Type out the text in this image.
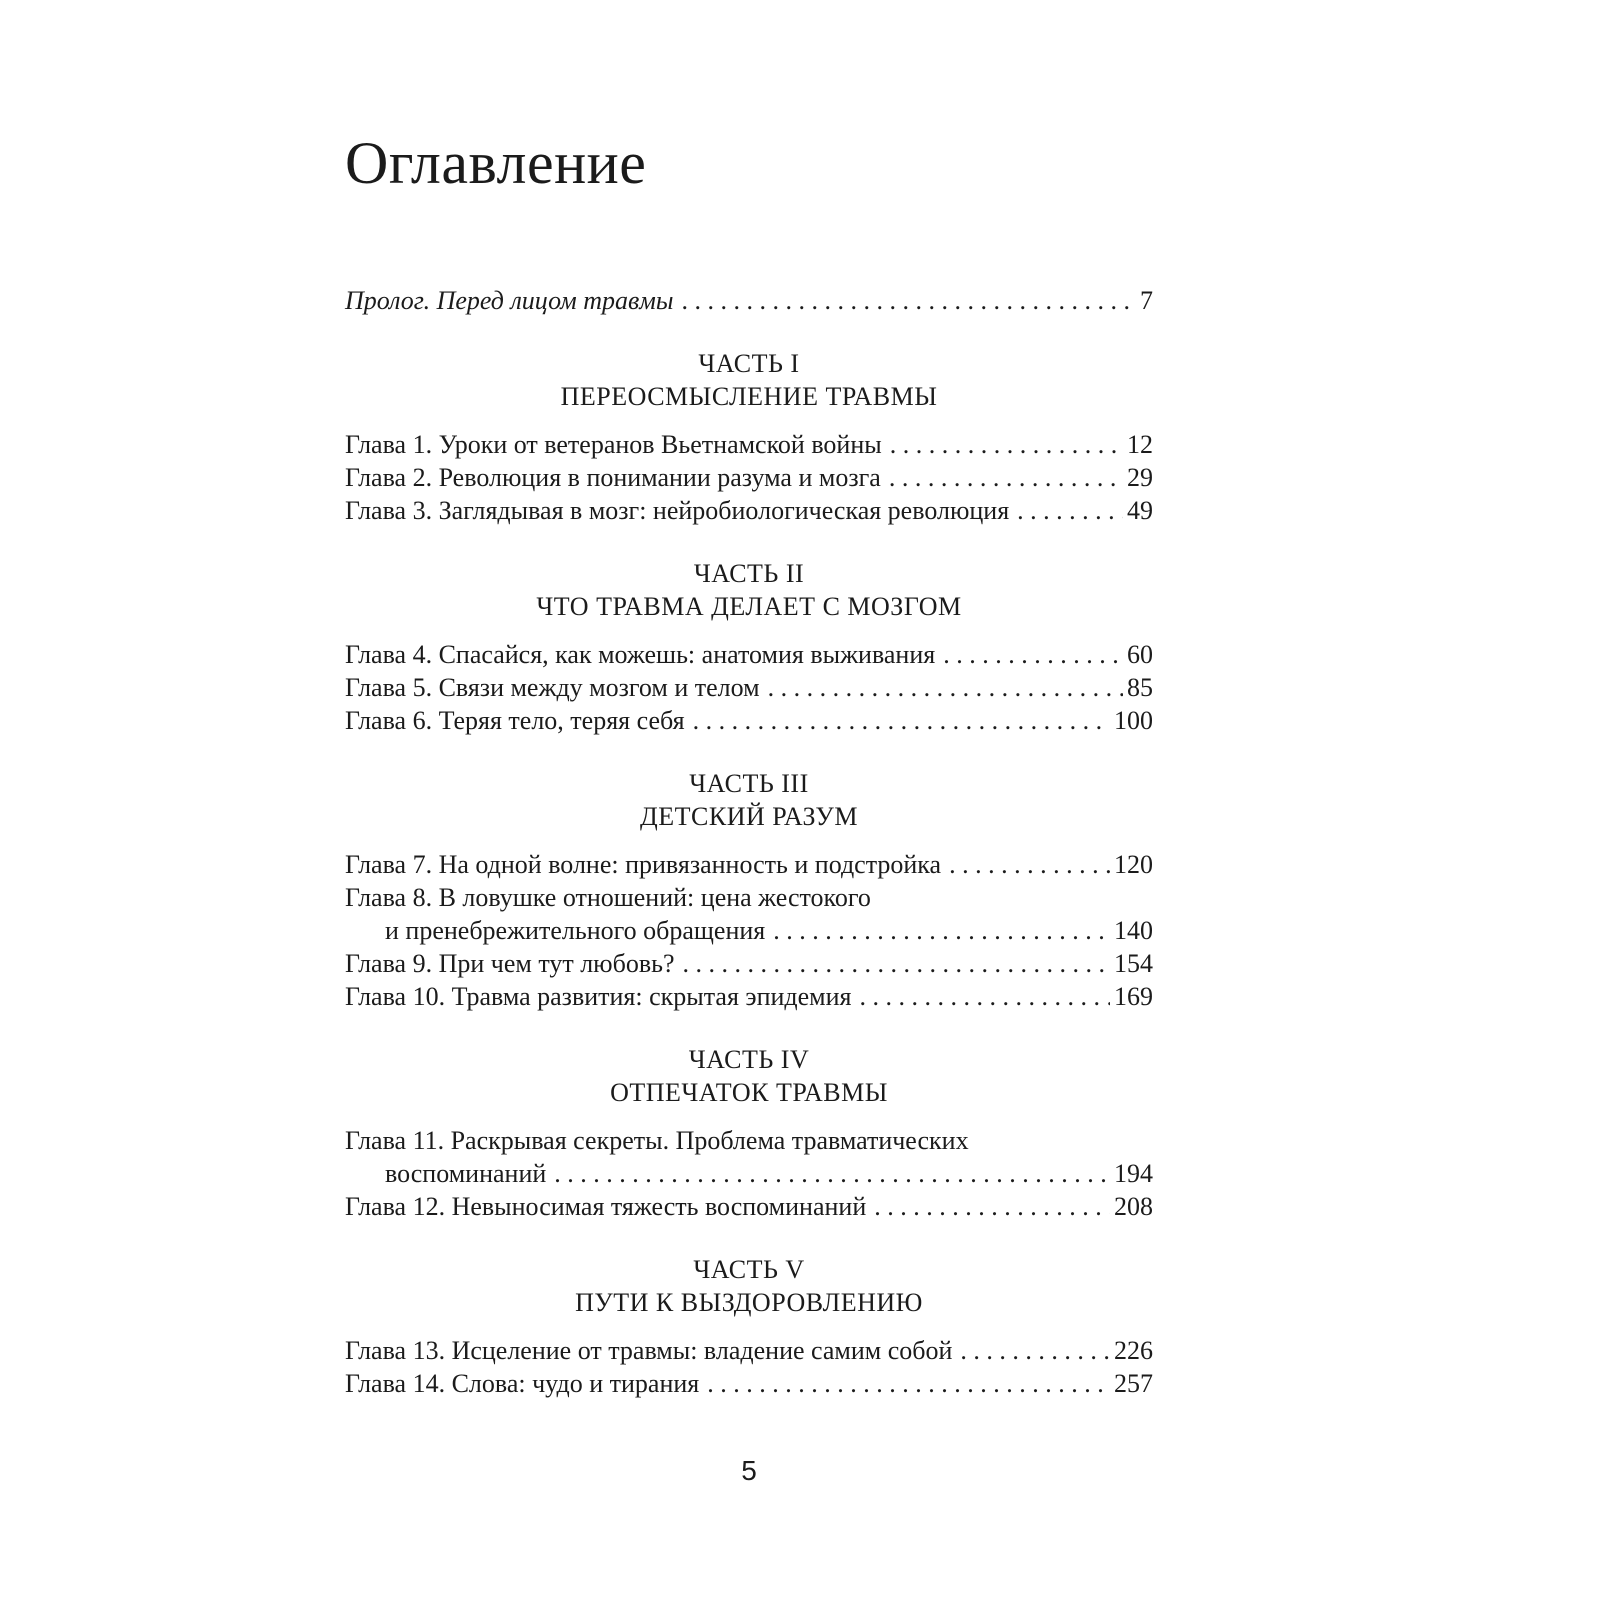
Оглавление
Пролог. Перед лицом травмы . . .	7
ЧАСТЬ I
ПЕРЕОСМЫСЛЕНИЕ ТРАВМЫ
Глава 1. Уроки от ветеранов Вьетнамской войны . . .	12
Глава 2. Революция в понимании разума и мозга . . .	29
Глава 3. Заглядывая в мозг: нейробиологическая революция . . .	49
ЧАСТЬ II
ЧТО ТРАВМА ДЕЛАЕТ С МОЗГОМ
Глава 4. Спасайся, как можешь: анатомия выживания . . .	60
Глава 5. Связи между мозгом и телом . . .	85
Глава 6. Теряя тело, теряя себя . . .	100
ЧАСТЬ III
ДЕТСКИЙ РАЗУМ
Глава 7. На одной волне: привязанность и подстройка . . .	120
Глава 8. В ловушке отношений: цена жестокого
и пренебрежительного обращения . . .	140
Глава 9. При чем тут любовь? . . .	154
Глава 10. Травма развития: скрытая эпидемия . . .	169
ЧАСТЬ IV
ОТПЕЧАТОК ТРАВМЫ
Глава 11. Раскрывая секреты. Проблема травматических
воспоминаний . . .	194
Глава 12. Невыносимая тяжесть воспоминаний . . .	208
ЧАСТЬ V
ПУТИ К ВЫЗДОРОВЛЕНИЮ
Глава 13. Исцеление от травмы: владение самим собой . . .	226
Глава 14. Слова: чудо и тирания . . .	257
5
